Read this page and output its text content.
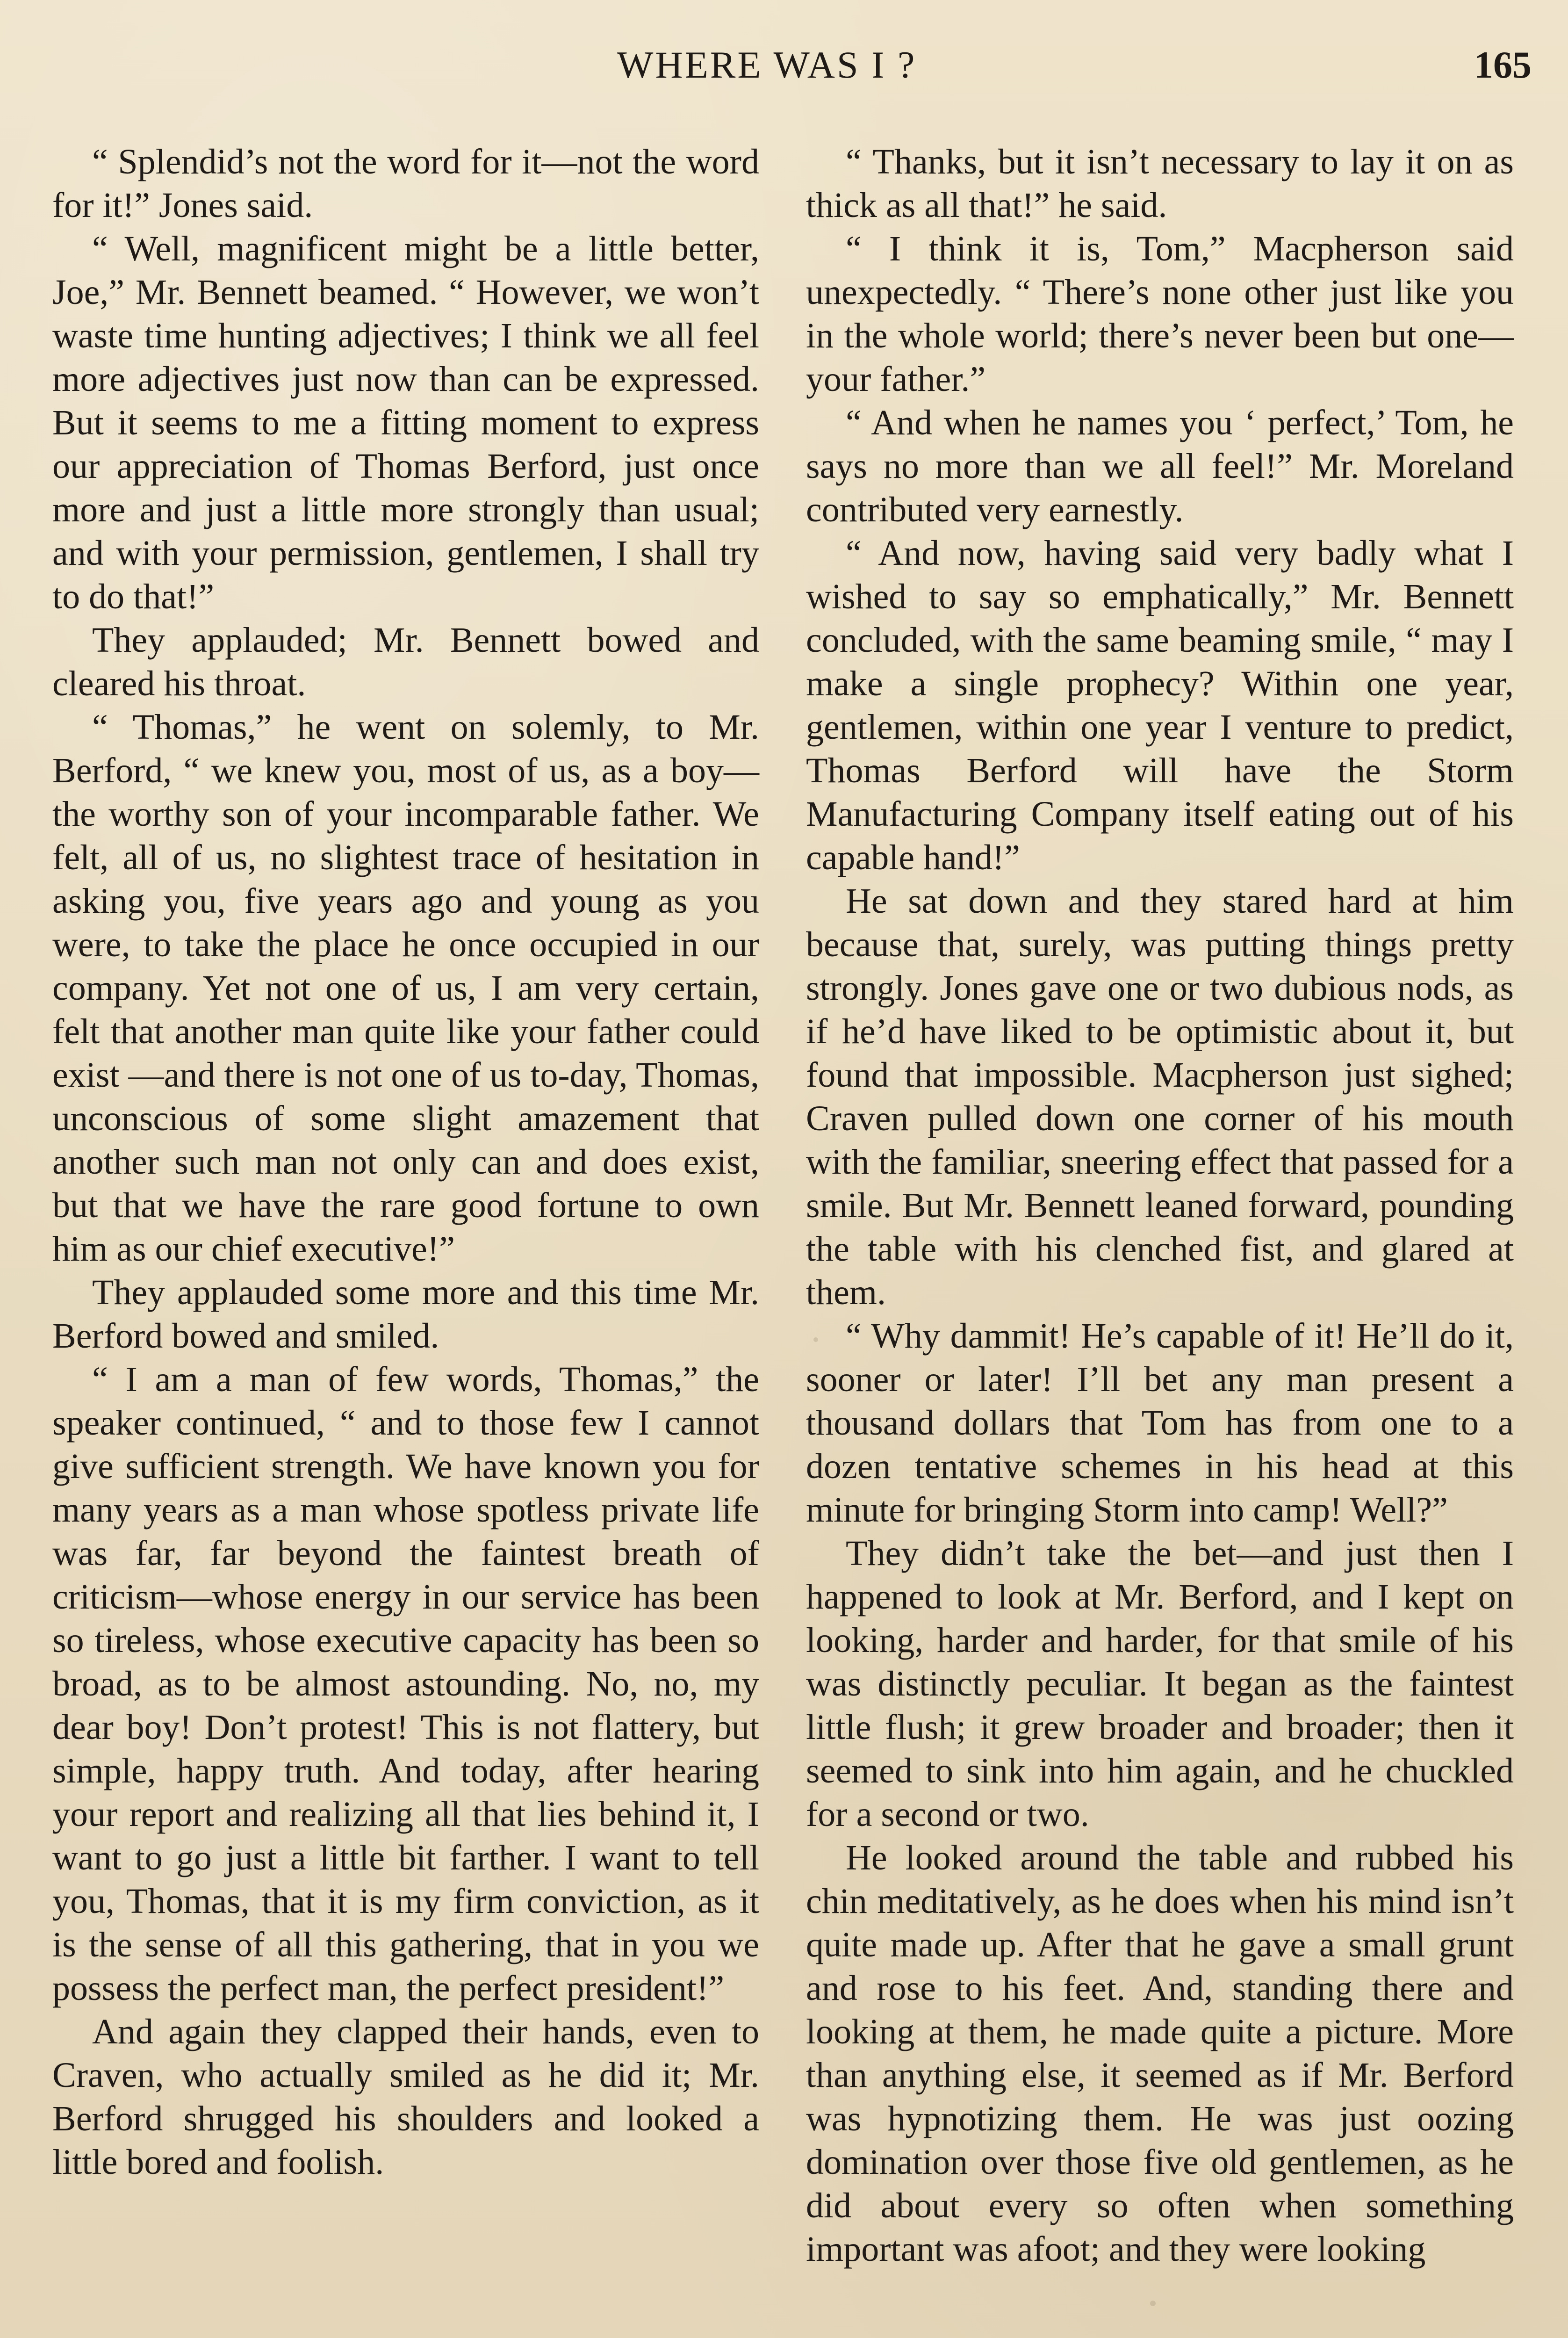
WHERE WAS I ?	165

“ Splendid’s not the word for it—not the word for it!” Jones said.

“ Well, magnificent might be a little better, Joe,” Mr. Bennett beamed. “ However, we won’t waste time hunting adjectives; I think we all feel more adjectives just now than can be expressed. But it seems to me a fitting moment to express our appreciation of Thomas Berford, just once more and just a little more strongly than usual; and with your permission, gentlemen, I shall try to do that!”

They applauded; Mr. Bennett bowed and cleared his throat.

“ Thomas,” he went on solemly, to Mr. Berford, “ we knew you, most of us, as a boy—the worthy son of your incomparable father. We felt, all of us, no slightest trace of hesitation in asking you, five years ago and young as you were, to take the place he once occupied in our company. Yet not one of us, I am very certain, felt that another man quite like your father could exist —and there is not one of us to-day, Thomas, unconscious of some slight amazement that another such man not only can and does exist, but that we have the rare good fortune to own him as our chief executive!”

They applauded some more and this time Mr. Berford bowed and smiled.

“ I am a man of few words, Thomas,” the speaker continued, “ and to those few I cannot give sufficient strength. We have known you for many years as a man whose spotless private life was far, far beyond the faintest breath of criticism—whose energy in our service has been so tireless, whose executive capacity has been so broad, as to be almost astounding. No, no, my dear boy! Don’t protest! This is not flattery, but simple, happy truth. And today, after hearing your report and realizing all that lies behind it, I want to go just a little bit farther. I want to tell you, Thomas, that it is my firm conviction, as it is the sense of all this gathering, that in you we possess the perfect man, the perfect president!”

And again they clapped their hands, even to Craven, who actually smiled as he did it; Mr. Berford shrugged his shoulders and looked a little bored and foolish.

“ Thanks, but it isn’t necessary to lay it on as thick as all that!” he said.

“ I think it is, Tom,” Macpherson said unexpectedly. “ There’s none other just like you in the whole world; there’s never been but one—your father.”

“ And when he names you ‘ perfect,’ Tom, he says no more than we all feel!” Mr. Moreland contributed very earnestly.

“ And now, having said very badly what I wished to say so emphatically,” Mr. Bennett concluded, with the same beaming smile, “ may I make a single prophecy? Within one year, gentlemen, within one year I venture to predict, Thomas Berford will have the Storm Manufacturing Company itself eating out of his capable hand!”

He sat down and they stared hard at him because that, surely, was putting things pretty strongly. Jones gave one or two dubious nods, as if he’d have liked to be optimistic about it, but found that impossible. Macpherson just sighed; Craven pulled down one corner of his mouth with the familiar, sneering effect that passed for a smile. But Mr. Bennett leaned forward, pounding the table with his clenched fist, and glared at them.

“ Why dammit! He’s capable of it! He’ll do it, sooner or later! I’ll bet any man present a thousand dollars that Tom has from one to a dozen tentative schemes in his head at this minute for bringing Storm into camp! Well?”

They didn’t take the bet—and just then I happened to look at Mr. Berford, and I kept on looking, harder and harder, for that smile of his was distinctly peculiar. It began as the faintest little flush; it grew broader and broader; then it seemed to sink into him again, and he chuckled for a second or two.

He looked around the table and rubbed his chin meditatively, as he does when his mind isn’t quite made up. After that he gave a small grunt and rose to his feet. And, standing there and looking at them, he made quite a picture. More than anything else, it seemed as if Mr. Berford was hypnotizing them. He was just oozing domination over those five old gentlemen, as he did about every so often when something important was afoot; and they were looking
